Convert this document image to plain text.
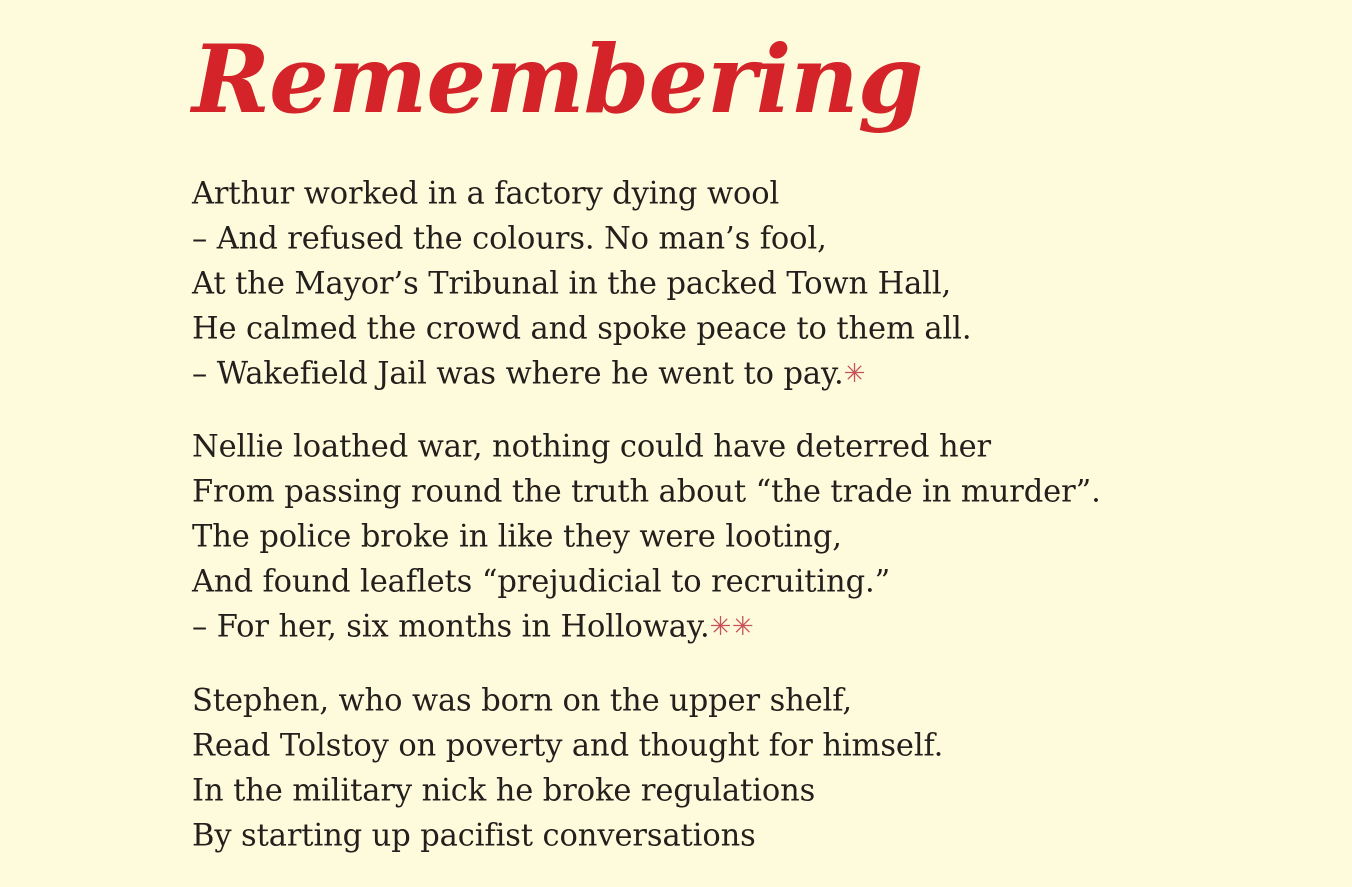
Remembering
Arthur worked in a factory dying wool
– And refused the colours. No man’s fool,
At the Mayor’s Tribunal in the packed Town Hall,
He calmed the crowd and spoke peace to them all.
– Wakefield Jail was where he went to pay.✳
Nellie loathed war, nothing could have deterred her
From passing round the truth about “the trade in murder”.
The police broke in like they were looting,
And found leaflets “prejudicial to recruiting.”
– For her, six months in Holloway.✳✳
Stephen, who was born on the upper shelf,
Read Tolstoy on poverty and thought for himself.
In the military nick he broke regulations
By starting up pacifist conversations
